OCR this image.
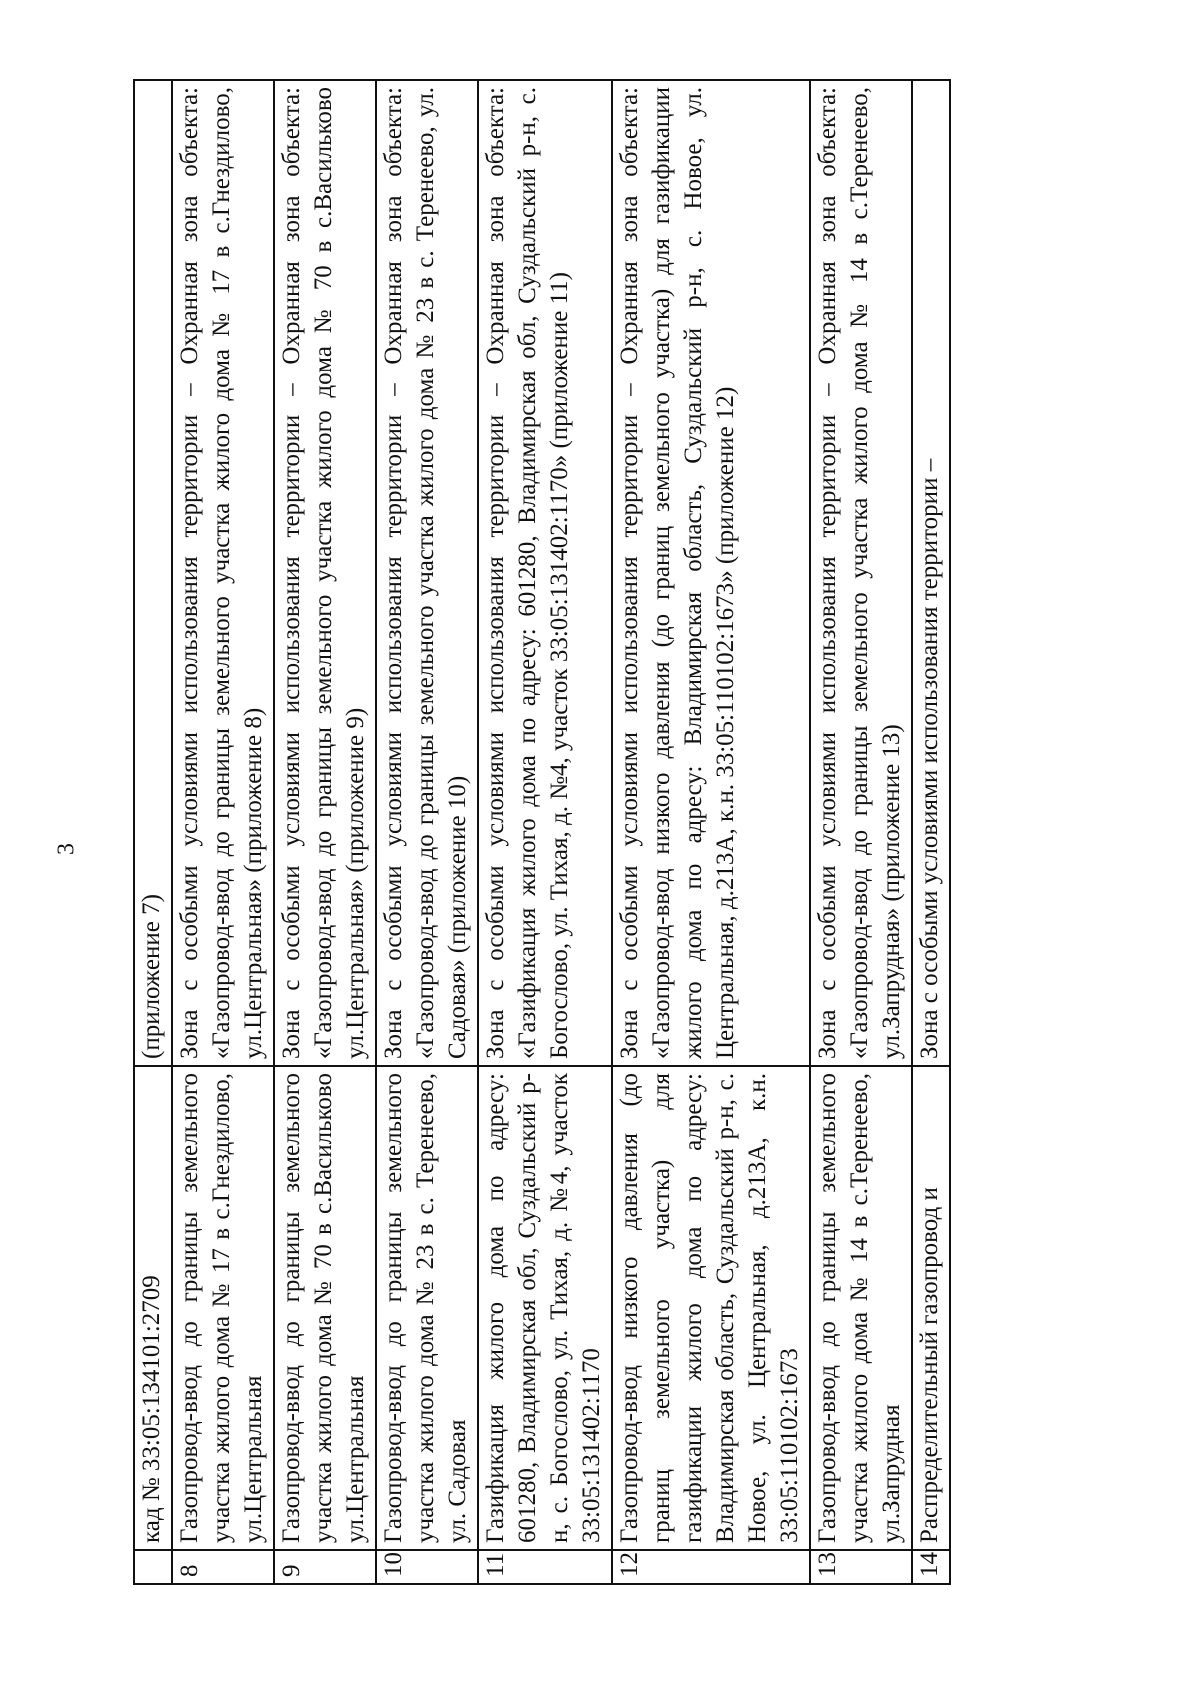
3
	кад № 33:05:134101:2709	(приложение 7)
8	Газопровод-ввод до границы земельного участка жилого дома № 17 в с.Гнездилово, ул.Центральная	Зона с особыми условиями использования территории – Охранная зона объекта: «Газопровод-ввод до границы земельного участка жилого дома № 17 в с.Гнездилово, ул.Центральная» (приложение 8)
9	Газопровод-ввод до границы земельного участка жилого дома № 70 в с.Васильково ул.Центральная	Зона с особыми условиями использования территории – Охранная зона объекта: «Газопровод-ввод до границы земельного участка жилого дома № 70 в с.Васильково ул.Центральная» (приложение 9)
10	Газопровод-ввод до границы земельного участка жилого дома № 23 в с. Теренеево, ул. Садовая	Зона с особыми условиями использования территории – Охранная зона объекта: «Газопровод-ввод до границы земельного участка жилого дома № 23 в с. Теренеево, ул. Садовая» (приложение 10)
11	Газификация жилого дома по адресу: 601280, Владимирская обл, Суздальский р-н, с. Богослово, ул. Тихая, д. №4, участок 33:05:131402:1170	Зона с особыми условиями использования территории – Охранная зона объекта: «Газификация жилого дома по адресу: 601280, Владимирская обл, Суздальский р-н, с. Богослово, ул. Тихая, д. №4, участок 33:05:131402:1170» (приложение 11)
12	Газопровод-ввод низкого давления (до границ земельного участка) для газификации жилого дома по адресу: Владимирская область, Суздальский р-н, с. Новое, ул. Центральная, д.213А, к.н. 33:05:110102:1673	Зона с особыми условиями использования территории – Охранная зона объекта: «Газопровод-ввод низкого давления (до границ земельного участка) для газификации жилого дома по адресу: Владимирская область, Суздальский р-н, с. Новое, ул. Центральная, д.213А, к.н. 33:05:110102:1673» (приложение 12)
13	Газопровод-ввод до границы земельного участка жилого дома № 14 в с.Теренеево, ул.Запрудная	Зона с особыми условиями использования территории – Охранная зона объекта: «Газопровод-ввод до границы земельного участка жилого дома № 14 в с.Теренеево, ул.Запрудная» (приложение 13)
14	Распределительный газопровод и	Зона с особыми условиями использования территории –
